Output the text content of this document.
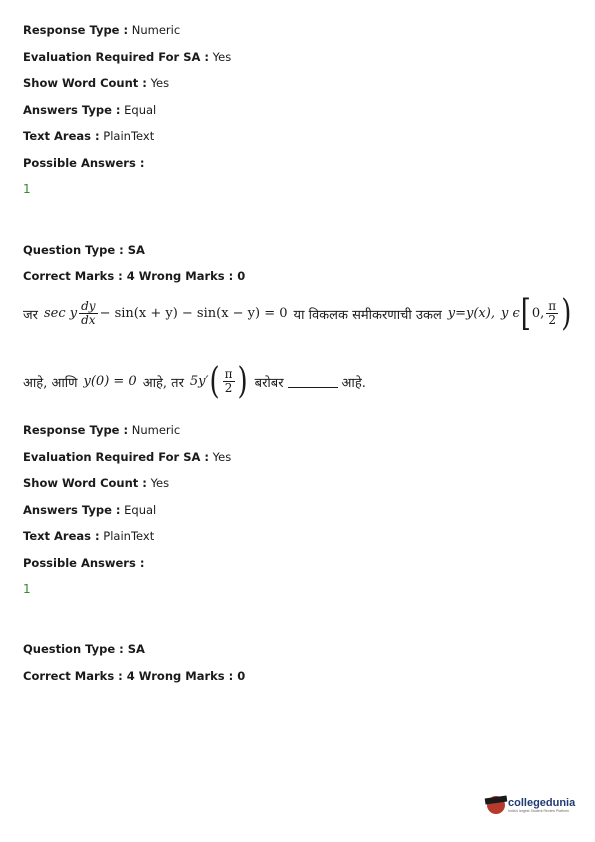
Response Type : Numeric
Evaluation Required For SA : Yes
Show Word Count : Yes
Answers Type : Equal
Text Areas : PlainText
Possible Answers :
1
Question Type : SA
Correct Marks : 4 Wrong Marks : 0
जर sec y $\frac{dy}{dx} - \sin(x + y) - \sin(x - y) = 0$ या विकलक समीकरणाची उकल y=y(x), y ϵ [ 0, $\frac{\pi}{2}$ )
आहे, आणि y(0) = 0 आहे, तर 5y′ ( $\frac{\pi}{2}$ ) बरोबर	आहे.
Response Type : Numeric
Evaluation Required For SA : Yes
Show Word Count : Yes
Answers Type : Equal
Text Areas : PlainText
Possible Answers :
1
Question Type : SA
Correct Marks : 4 Wrong Marks : 0
collegedunia
India's largest Student Review Platform
